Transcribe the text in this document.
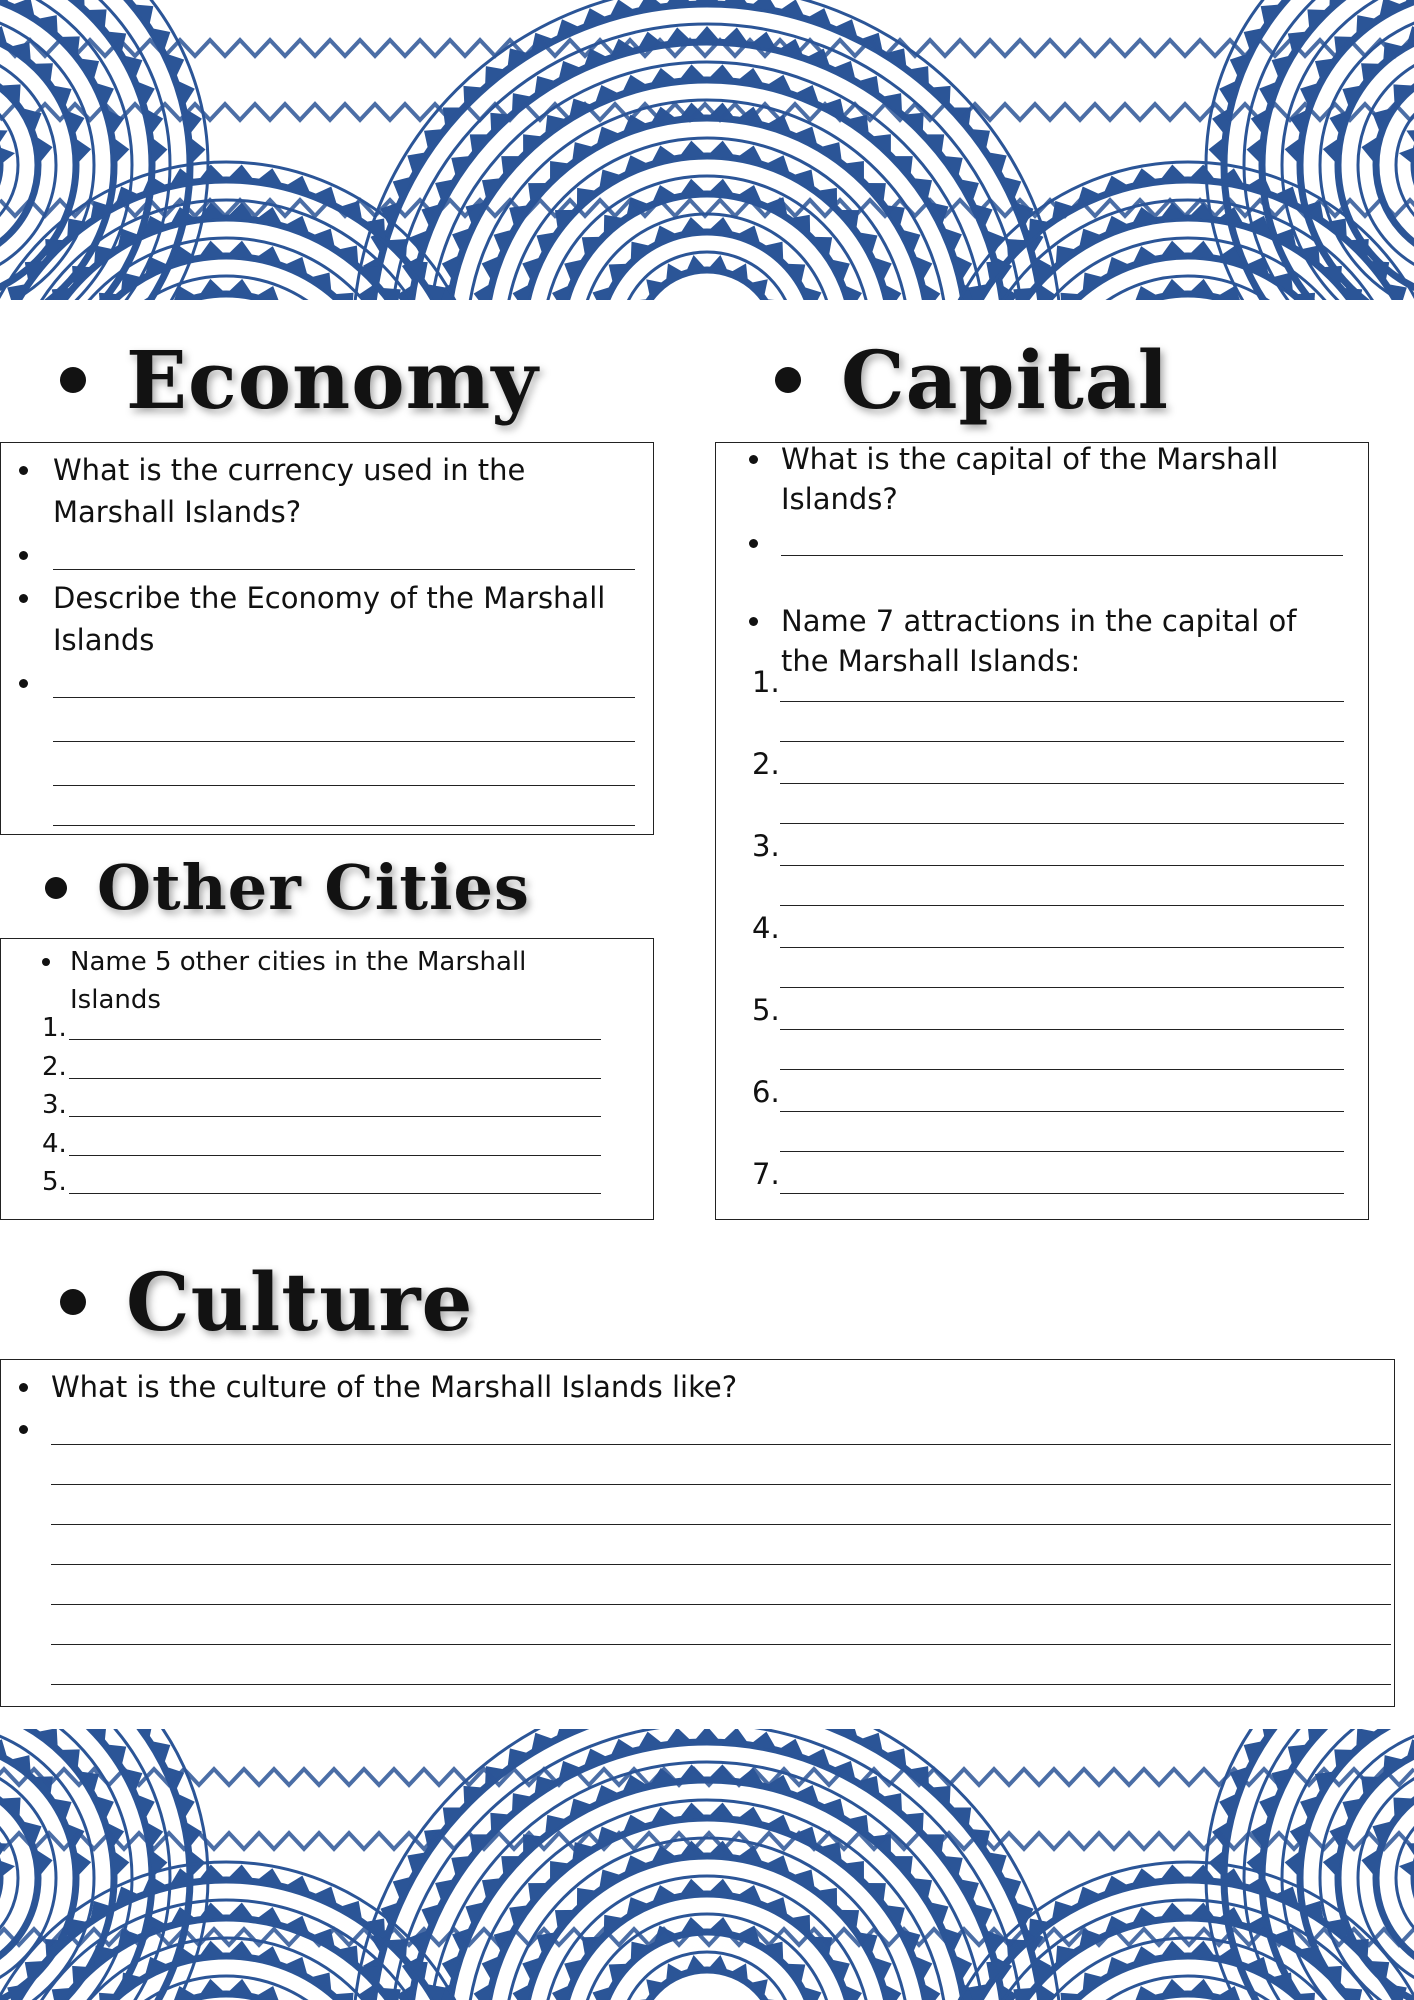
Economy
What is the currency used in the Marshall Islands?
Describe the Economy of the Marshall Islands
Capital
What is the capital of the Marshall Islands?
Name 7 attractions in the capital of the Marshall Islands:
1.
2.
3.
4.
5.
6.
7.
Other Cities
Name 5 other cities in the Marshall Islands
1.
2.
3.
4.
5.
Culture
What is the culture of the Marshall Islands like?
